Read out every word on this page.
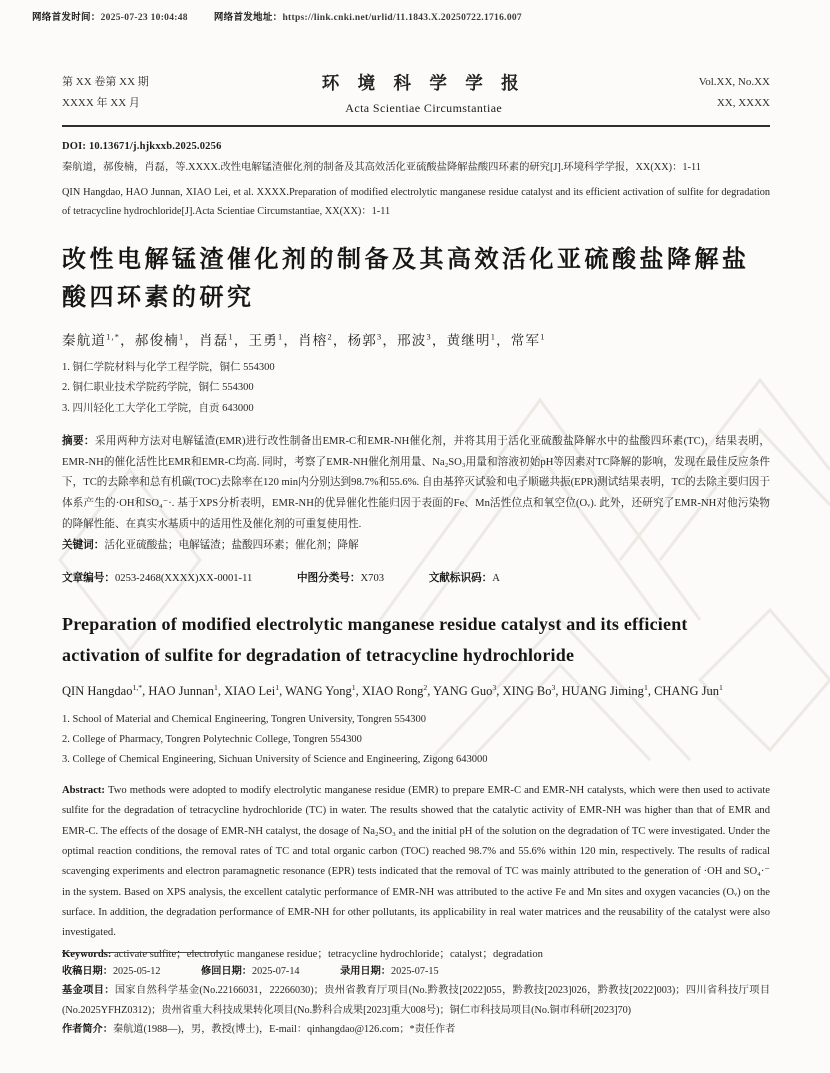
网络首发时间：2025-07-23 10:04:48	网络首发地址：https://link.cnki.net/urlid/11.1843.X.20250722.1716.007
第 XX 卷第 XX 期
XXXX 年 XX 月
环 境 科 学 学 报
Acta Scientiae Circumstantiae
Vol.XX, No.XX
XX, XXXX
DOI: 10.13671/j.hjkxxb.2025.0256

秦航道，郝俊楠，肖磊，等.XXXX.改性电解锰渣催化剂的制备及其高效活化亚硫酸盐降解盐酸四环素的研究[J].环境科学学报，XX(XX)：1-11

QIN Hangdao, HAO Junnan, XIAO Lei, et al. XXXX.Preparation of modified electrolytic manganese residue catalyst and its efficient activation of sulfite for degradation of tetracycline hydrochloride[J].Acta Scientiae Circumstantiae, XX(XX)：1-11

改性电解锰渣催化剂的制备及其高效活化亚硫酸盐降解盐酸四环素的研究
秦航道$^{1,*}$，郝俊楠$^1$，肖磊$^1$，王勇$^1$，肖榕$^2$，杨郭$^3$，邢波$^3$，黄继明$^1$，常军$^1$
1. 铜仁学院材料与化学工程学院，铜仁 554300
2. 铜仁职业技术学院药学院，铜仁 554300
3. 四川轻化工大学化工学院，自贡 643000

摘要：采用两种方法对电解锰渣(EMR)进行改性制备出EMR-C和EMR-NH催化剂，并将其用于活化亚硫酸盐降解水中的盐酸四环素(TC)，结果表明，EMR-NH的催化活性比EMR和EMR-C均高. 同时，考察了EMR-NH催化剂用量、Na₂SO₃用量和溶液初始pH等因素对TC降解的影响，发现在最佳反应条件下，TC的去除率和总有机碳(TOC)去除率在120 min内分别达到98.7%和55.6%. 自由基猝灭试验和电子顺磁共振(EPR)测试结果表明，TC的去除主要归因于体系产生的·OH和SO₄⁻·. 基于XPS分析表明，EMR-NH的优异催化性能归因于表面的Fe、Mn活性位点和氧空位(Oᵥ). 此外，还研究了EMR-NH对他污染物的降解性能、在真实水基质中的适用性及催化剂的可重复使用性.

关键词：活化亚硫酸盐；电解锰渣；盐酸四环素；催化剂；降解

文章编号：0253-2468(XXXX)XX-0001-11	中图分类号：X703	文献标识码：A
Preparation of modified electrolytic manganese residue catalyst and its efficient activation of sulfite for degradation of tetracycline hydrochloride
QIN Hangdao$^{1,*}$, HAO Junnan$^1$, XIAO Lei$^1$, WANG Yong$^1$, XIAO Rong$^2$, YANG Guo$^3$, XING Bo$^3$, HUANG Jiming$^1$, CHANG Jun$^1$
1. School of Material and Chemical Engineering, Tongren University, Tongren 554300
2. College of Pharmacy, Tongren Polytechnic College, Tongren 554300
3. College of Chemical Engineering, Sichuan University of Science and Engineering, Zigong 643000

Abstract: Two methods were adopted to modify electrolytic manganese residue (EMR) to prepare EMR-C and EMR-NH catalysts, which were then used to activate sulfite for the degradation of tetracycline hydrochloride (TC) in water. The results showed that the catalytic activity of EMR-NH was higher than that of EMR and EMR-C. The effects of the dosage of EMR-NH catalyst, the dosage of Na₂SO₃ and the initial pH of the solution on the degradation of TC were investigated. Under the optimal reaction conditions, the removal rates of TC and total organic carbon (TOC) reached 98.7% and 55.6% within 120 min, respectively. The results of radical scavenging experiments and electron paramagnetic resonance (EPR) tests indicated that the removal of TC was mainly attributed to the generation of ·OH and SO₄·⁻ in the system. Based on XPS analysis, the excellent catalytic performance of EMR-NH was attributed to the active Fe and Mn sites and oxygen vacancies (Oᵥ) on the surface. In addition, the degradation performance of EMR-NH for other pollutants, its applicability in real water matrices and the reusability of the catalyst were also investigated.

Keywords: activate sulfite；electrolytic manganese residue；tetracycline hydrochloride；catalyst；degradation

收稿日期：2025-05-12	修回日期：2025-07-14	录用日期：2025-07-15

基金项目：国家自然科学基金(No.22166031，22266030)；贵州省教育厅项目(No.黔教技[2022]055，黔教技[2023]026，黔教技[2022]003)；四川省科技厅项目(No.2025YFHZ0312)；贵州省重大科技成果转化项目(No.黔科合成果[2023]重大008号)；铜仁市科技局项目(No.铜市科研[2023]70)

作者简介：秦航道(1988—)，男，教授(博士)，E-mail：qinhangdao@126.com；*责任作者
